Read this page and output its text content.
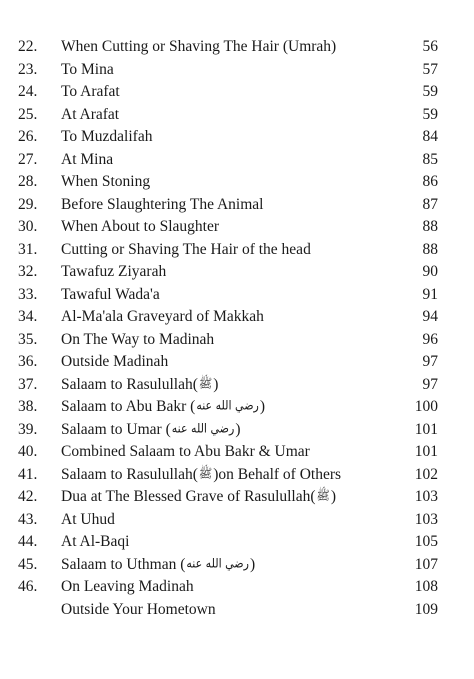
22.	When Cutting or Shaving The Hair (Umrah)	56
23.	To Mina	57
24.	To Arafat	59
25.	At Arafat	59
26.	To Muzdalifah	84
27.	At Mina	85
28.	When Stoning	86
29.	Before Slaughtering The Animal	87
30.	When About to Slaughter	88
31.	Cutting or Shaving The Hair of the head	88
32.	Tawafuz Ziyarah	90
33.	Tawaful Wada'a	91
34.	Al-Ma'ala Graveyard of Makkah	94
35.	On The Way to Madinah	96
36.	Outside Madinah	97
37.	Salaam to Rasulullah(ﷺ)	97
38.	Salaam to Abu Bakr (رضي الله عنه)	100
39.	Salaam to Umar (رضي الله عنه)	101
40.	Combined Salaam to Abu Bakr & Umar	101
41.	Salaam to Rasulullah(ﷺ)on Behalf of Others	102
42.	Dua at The Blessed Grave of Rasulullah(ﷺ)	103
43.	At Uhud	103
44.	At Al-Baqi	105
45.	Salaam to Uthman (رضي الله عنه)	107
46.	On Leaving Madinah	108
Outside Your Hometown	109
